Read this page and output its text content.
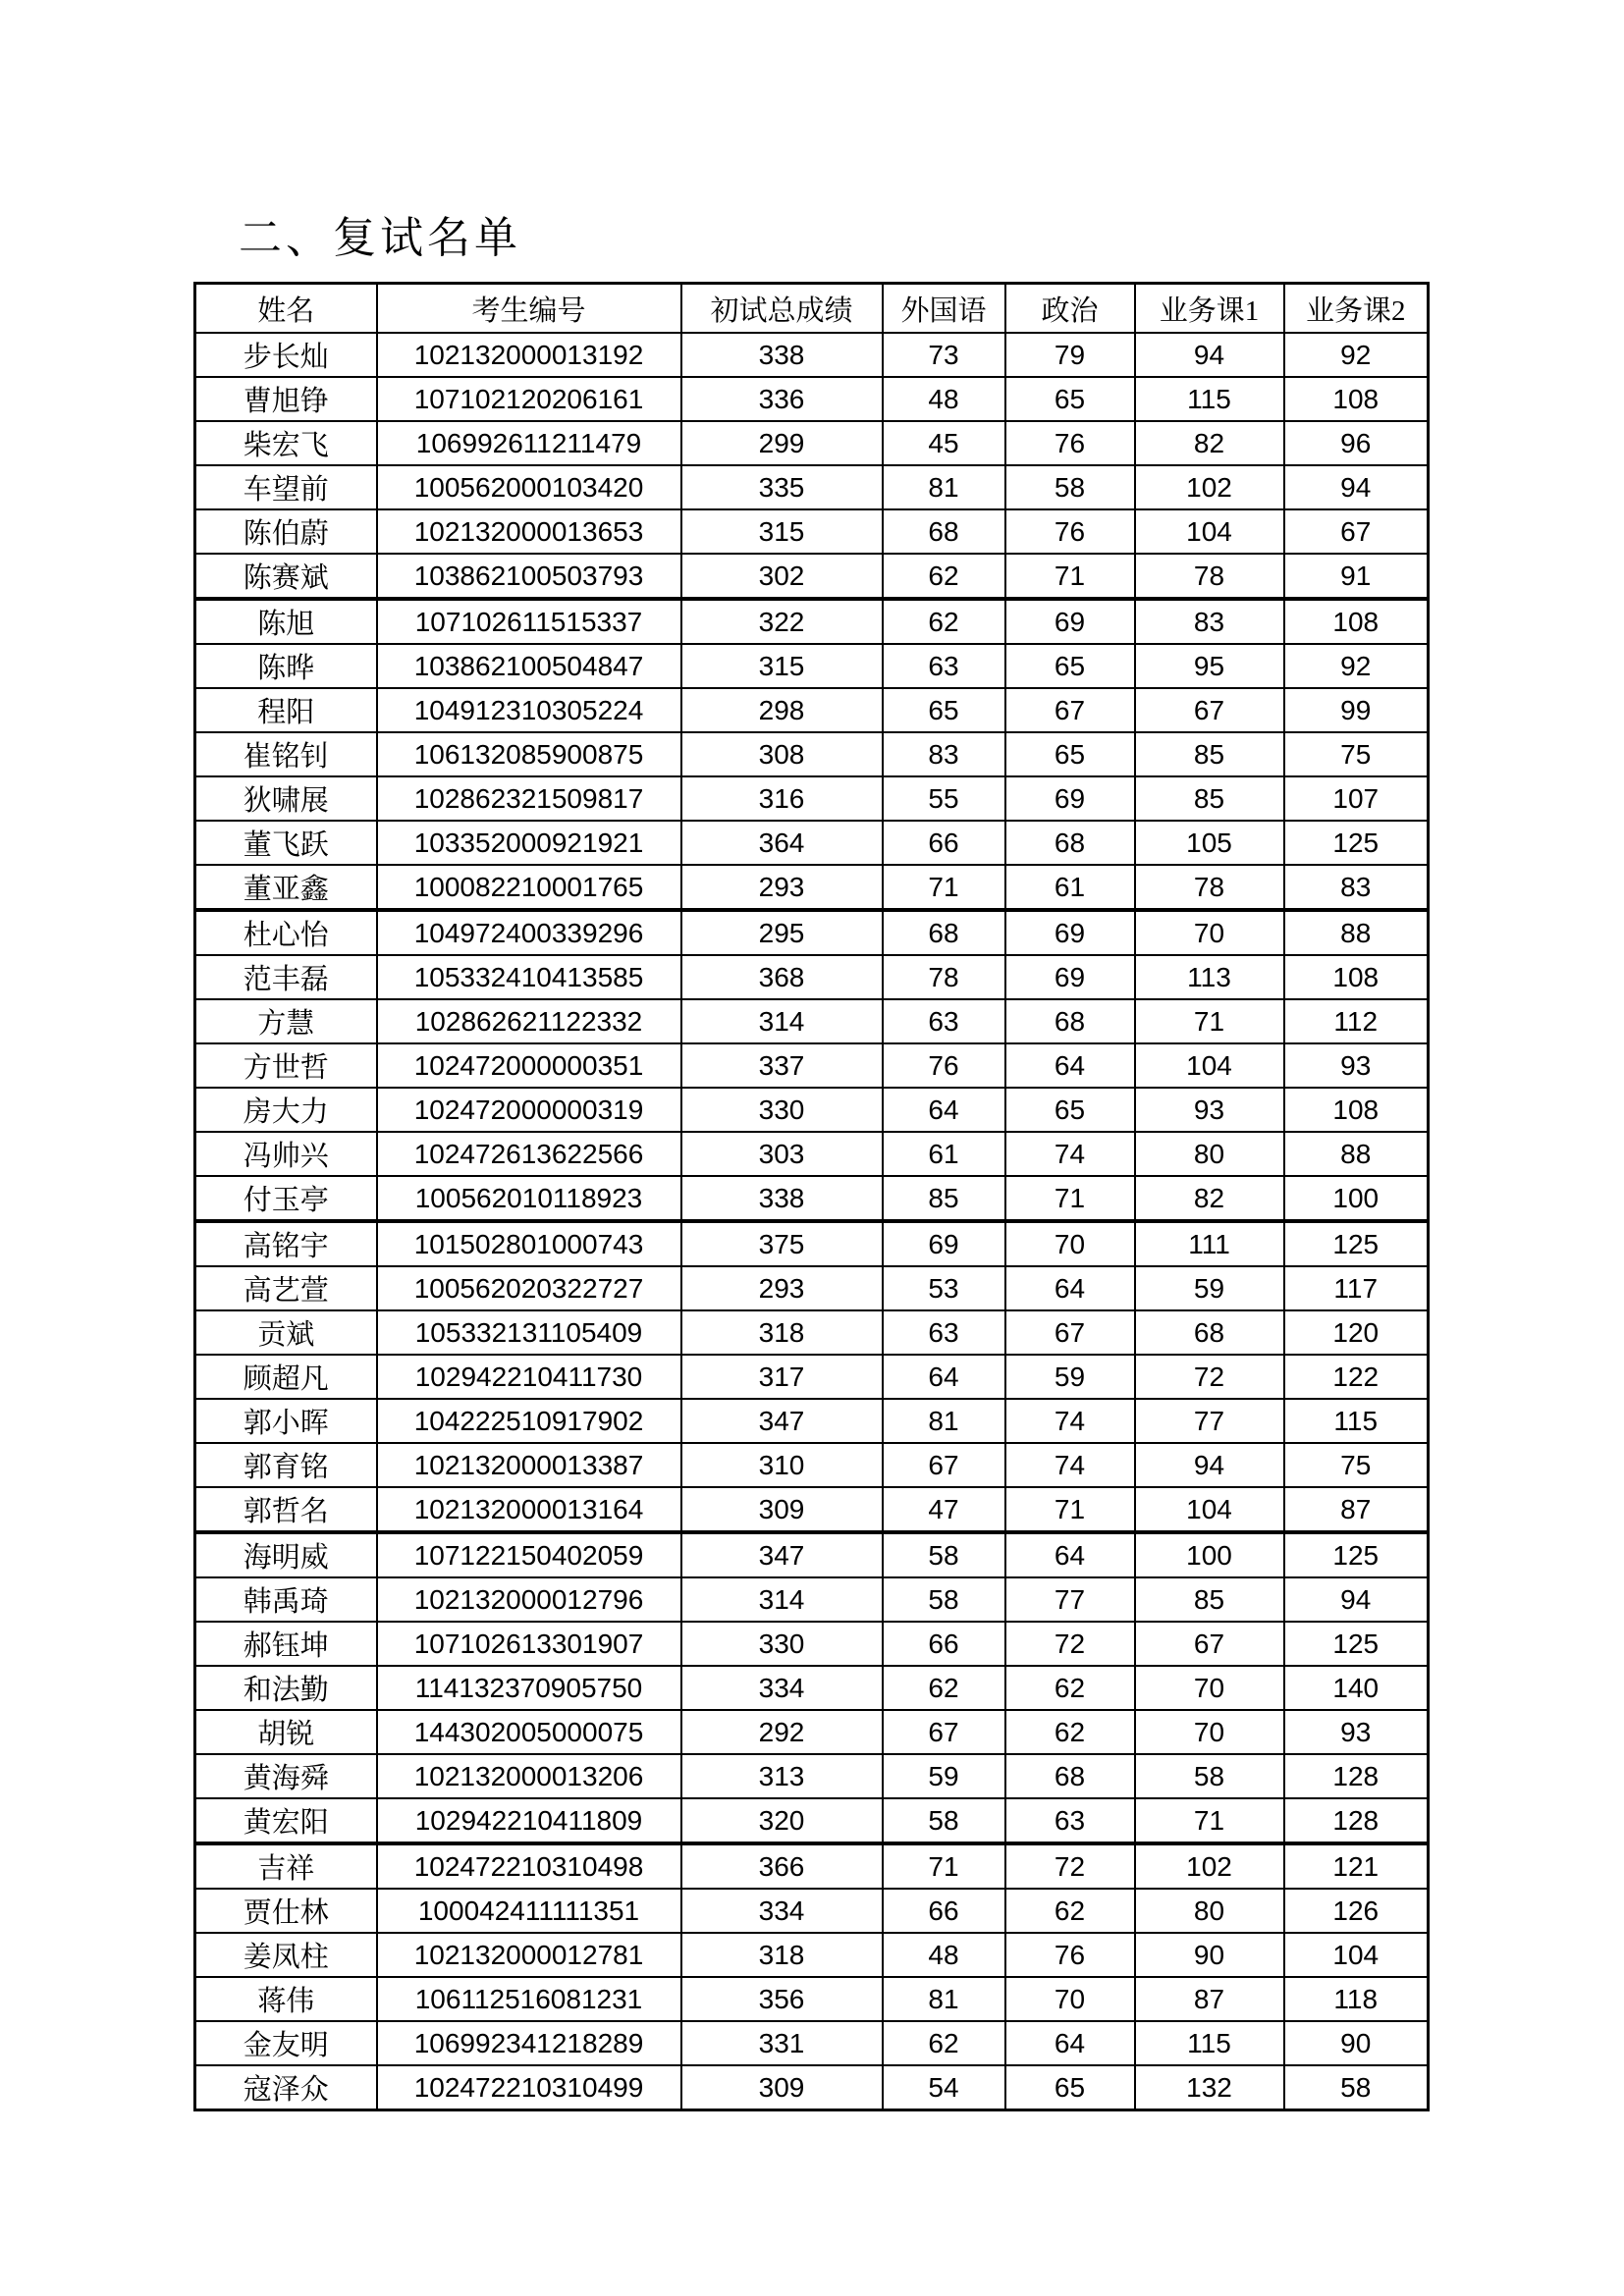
二、复试名单
姓名	考生编号	初试总成绩	外国语	政治	业务课1	业务课2
步长灿	102132000013192	338	73	79	94	92
曹旭铮	107102120206161	336	48	65	115	108
柴宏飞	106992611211479	299	45	76	82	96
车望前	100562000103420	335	81	58	102	94
陈伯蔚	102132000013653	315	68	76	104	67
陈赛斌	103862100503793	302	62	71	78	91
陈旭	107102611515337	322	62	69	83	108
陈晔	103862100504847	315	63	65	95	92
程阳	104912310305224	298	65	67	67	99
崔铭钊	106132085900875	308	83	65	85	75
狄啸展	102862321509817	316	55	69	85	107
董飞跃	103352000921921	364	66	68	105	125
董亚鑫	100082210001765	293	71	61	78	83
杜心怡	104972400339296	295	68	69	70	88
范丰磊	105332410413585	368	78	69	113	108
方慧	102862621122332	314	63	68	71	112
方世哲	102472000000351	337	76	64	104	93
房大力	102472000000319	330	64	65	93	108
冯帅兴	102472613622566	303	61	74	80	88
付玉亭	100562010118923	338	85	71	82	100
高铭宇	101502801000743	375	69	70	111	125
高艺萱	100562020322727	293	53	64	59	117
贡斌	105332131105409	318	63	67	68	120
顾超凡	102942210411730	317	64	59	72	122
郭小晖	104222510917902	347	81	74	77	115
郭育铭	102132000013387	310	67	74	94	75
郭哲名	102132000013164	309	47	71	104	87
海明威	107122150402059	347	58	64	100	125
韩禹琦	102132000012796	314	58	77	85	94
郝钰坤	107102613301907	330	66	72	67	125
和法勤	114132370905750	334	62	62	70	140
胡锐	144302005000075	292	67	62	70	93
黄海舜	102132000013206	313	59	68	58	128
黄宏阳	102942210411809	320	58	63	71	128
吉祥	102472210310498	366	71	72	102	121
贾仕林	100042411111351	334	66	62	80	126
姜凤柱	102132000012781	318	48	76	90	104
蒋伟	106112516081231	356	81	70	87	118
金友明	106992341218289	331	62	64	115	90
寇泽众	102472210310499	309	54	65	132	58
